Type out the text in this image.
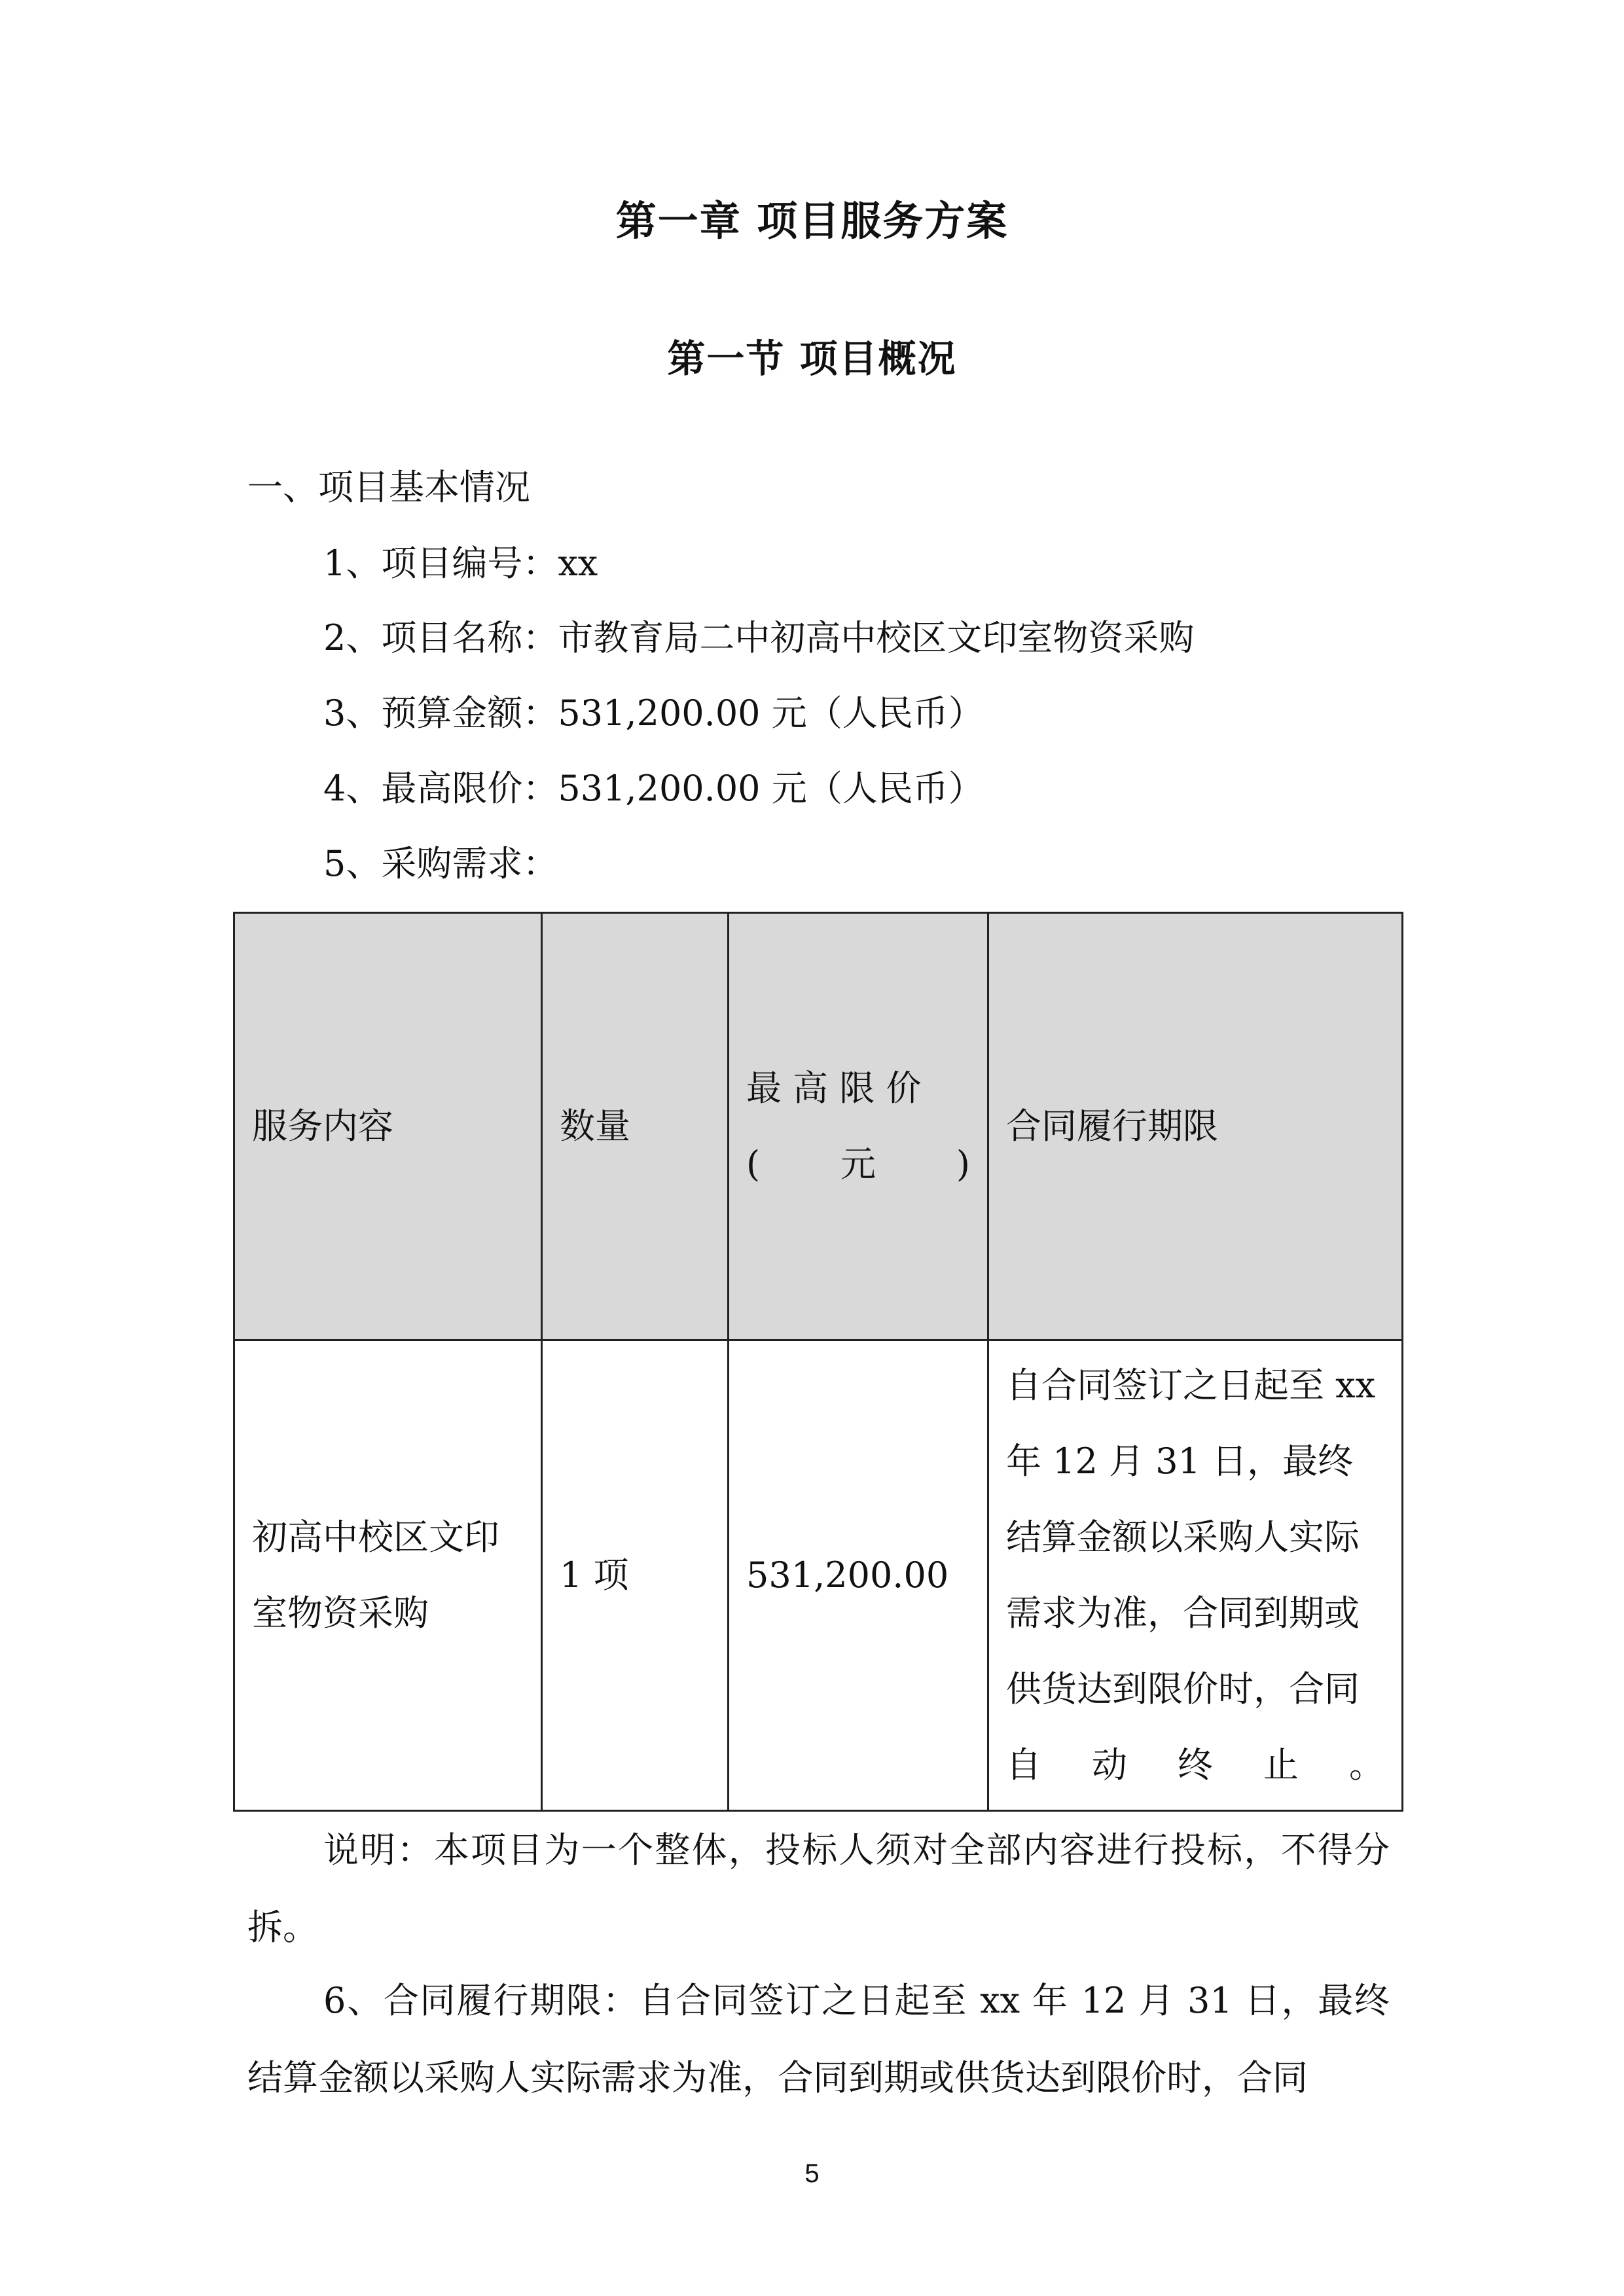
第一章 项目服务方案
第一节 项目概况
一、项目基本情况
1、项目编号：xx
2、项目名称：市教育局二中初高中校区文印室物资采购
3、预算金额：531,200.00 元（人民币）
4、最高限价：531,200.00 元（人民币）
5、采购需求：
服务内容	数量	最 高 限 价 (元)	合同履行期限
初高中校区文印室物资采购	1 项	531,200.00	自合同签订之日起至 xx 年 12 月 31 日，最终结算金额以采购人实际需求为准，合同到期或供货达到限价时，合同自动终止。
说明：本项目为一个整体，投标人须对全部内容进行投标，不得分拆。
6、合同履行期限：自合同签订之日起至 xx 年 12 月 31 日，最终结算金额以采购人实际需求为准，合同到期或供货达到限价时，合同
5
